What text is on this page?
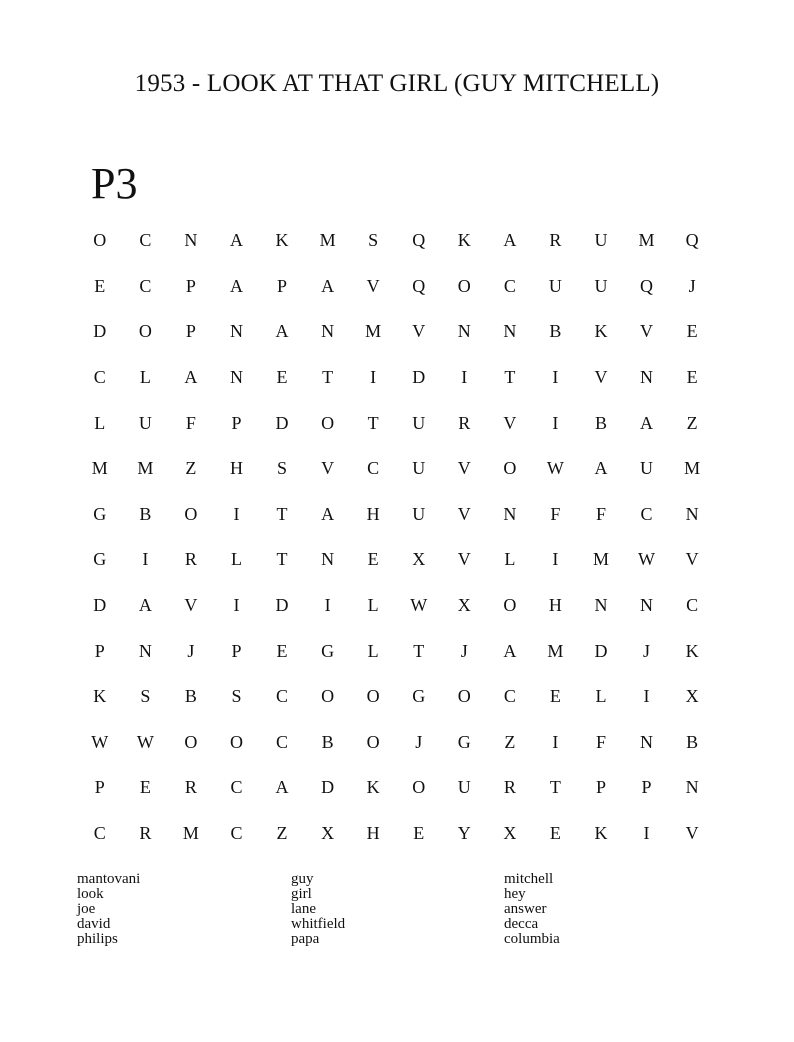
1953 - LOOK AT THAT GIRL (GUY MITCHELL)
P3
O	C	N	A	K	M	S	Q	K	A	R	U	M	Q
E	C	P	A	P	A	V	Q	O	C	U	U	Q	J
D	O	P	N	A	N	M	V	N	N	B	K	V	E
C	L	A	N	E	T	I	D	I	T	I	V	N	E
L	U	F	P	D	O	T	U	R	V	I	B	A	Z
M	M	Z	H	S	V	C	U	V	O	W	A	U	M
G	B	O	I	T	A	H	U	V	N	F	F	C	N
G	I	R	L	T	N	E	X	V	L	I	M	W	V
D	A	V	I	D	I	L	W	X	O	H	N	N	C
P	N	J	P	E	G	L	T	J	A	M	D	J	K
K	S	B	S	C	O	O	G	O	C	E	L	I	X
W	W	O	O	C	B	O	J	G	Z	I	F	N	B
P	E	R	C	A	D	K	O	U	R	T	P	P	N
C	R	M	C	Z	X	H	E	Y	X	E	K	I	V
mantovani
look
joe
david
philips
guy
girl
lane
whitfield
papa
mitchell
hey
answer
decca
columbia
